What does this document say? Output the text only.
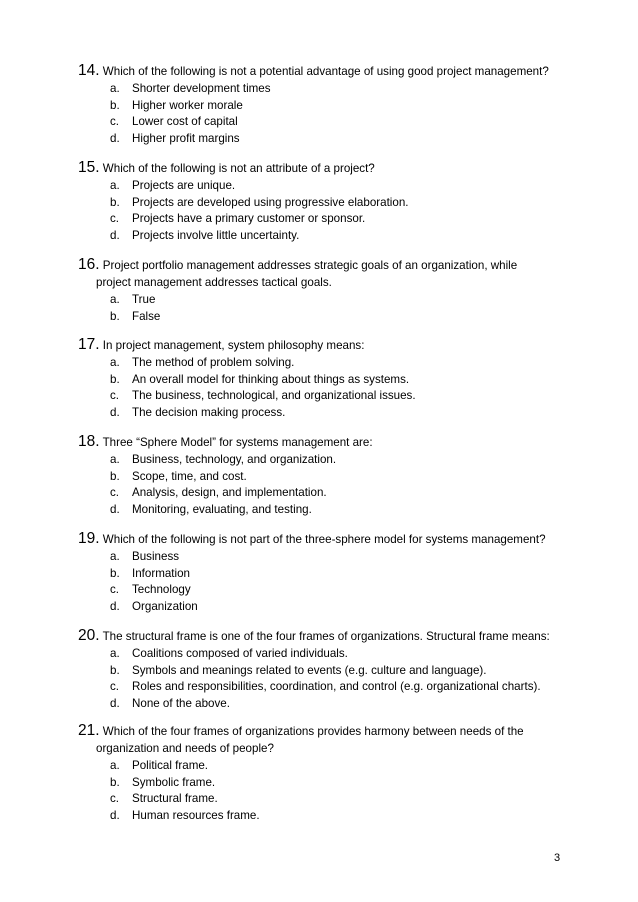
14. Which of the following is not a potential advantage of using good project management?
a.	Shorter development times
b.	Higher worker morale
c.	Lower cost of capital
d.	Higher profit margins
15. Which of the following is not an attribute of a project?
a.	Projects are unique.
b.	Projects are developed using progressive elaboration.
c.	Projects have a primary customer or sponsor.
d.	Projects involve little uncertainty.
16. Project portfolio management addresses strategic goals of an organization, while
project management addresses tactical goals.
a.	True
b.	False
17. In project management, system philosophy means:
a.	The method of problem solving.
b.	An overall model for thinking about things as systems.
c.	The business, technological, and organizational issues.
d.	The decision making process.
18. Three “Sphere Model” for systems management are:
a.	Business, technology, and organization.
b.	Scope, time, and cost.
c.	Analysis, design, and implementation.
d.	Monitoring, evaluating, and testing.
19. Which of the following is not part of the three-sphere model for systems management?
a.	Business
b.	Information
c.	Technology
d.	Organization
20. The structural frame is one of the four frames of organizations. Structural frame means:
a.	Coalitions composed of varied individuals.
b.	Symbols and meanings related to events (e.g. culture and language).
c.	Roles and responsibilities, coordination, and control (e.g. organizational charts).
d.	None of the above.
21. Which of the four frames of organizations provides harmony between needs of the
organization and needs of people?
a.	Political frame.
b.	Symbolic frame.
c.	Structural frame.
d.	Human resources frame.
3
